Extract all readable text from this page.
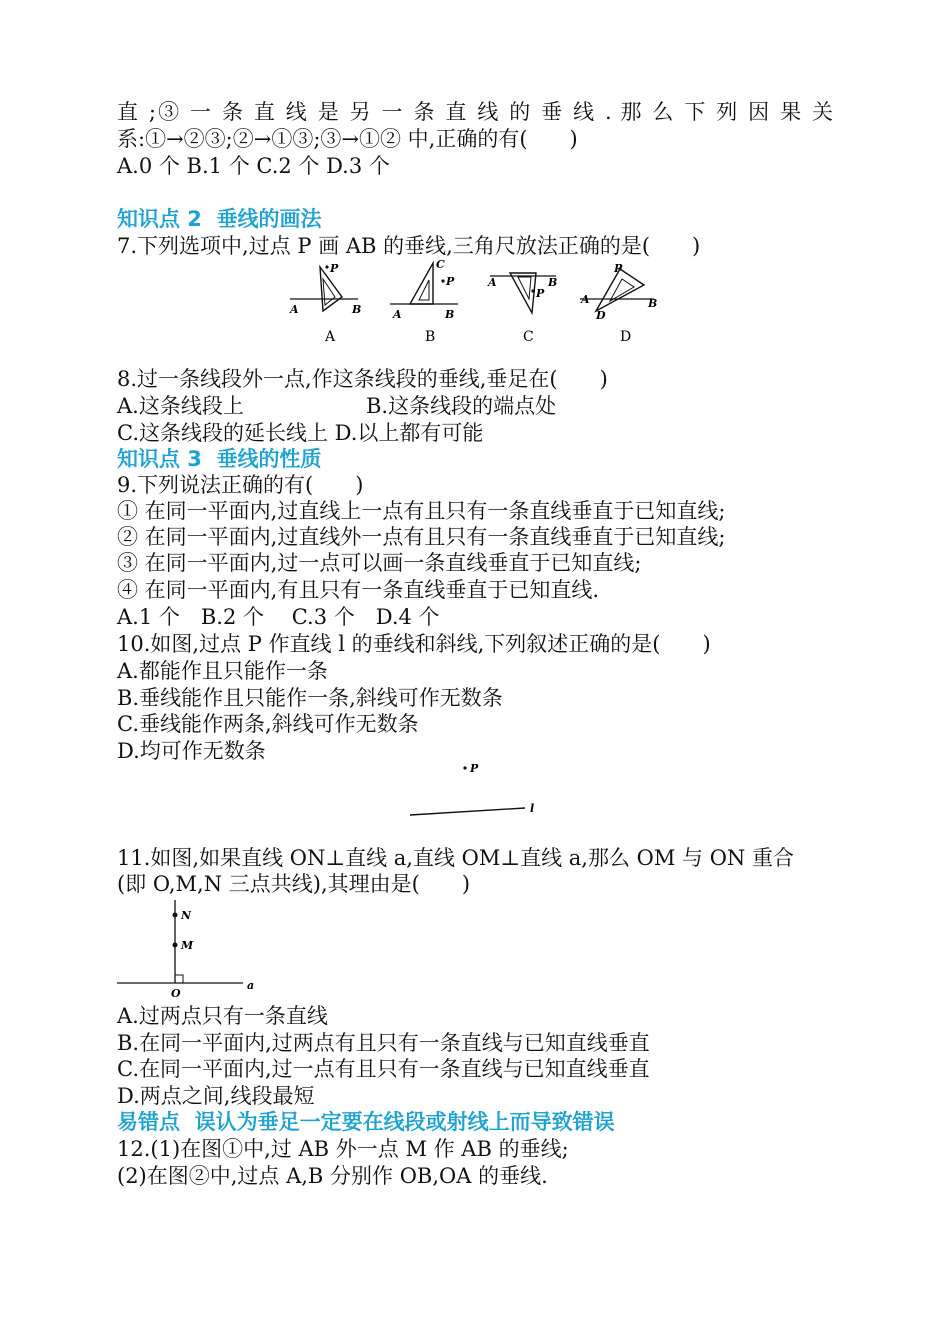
直 ;③ 一 条 直 线 是 另 一 条 直 线 的 垂 线 . 那 么 下 列 因 果 关
系:①→②③;②→①③;③→①② 中,正确的有(　　)
A.0 个 B.1 个 C.2 个 D.3 个
知识点 2  垂线的画法
7.下列选项中,过点 P 画 AB 的垂线,三角尺放法正确的是(　　)
P
A	B
A
P
C
A	B
B
P
A	B
C
P
A	B
D
D
8.过一条线段外一点,作这条线段的垂线,垂足在(　　)
A.这条线段上	B.这条线段的端点处
C.这条线段的延长线上 D.以上都有可能
知识点 3  垂线的性质
9.下列说法正确的有(　　)
① 在同一平面内,过直线上一点有且只有一条直线垂直于已知直线;
② 在同一平面内,过直线外一点有且只有一条直线垂直于已知直线;
③ 在同一平面内,过一点可以画一条直线垂直于已知直线;
④ 在同一平面内,有且只有一条直线垂直于已知直线.
A.1 个　B.2 个　 C.3 个　D.4 个
10.如图,过点 P 作直线 l 的垂线和斜线,下列叙述正确的是(　　)
A.都能作且只能作一条
B.垂线能作且只能作一条,斜线可作无数条
C.垂线能作两条,斜线可作无数条
D.均可作无数条
P
l
11.如图,如果直线 ON⊥直线 a,直线 OM⊥直线 a,那么 OM 与 ON 重合
(即 O,M,N 三点共线),其理由是(　　)
N
M
O
a
A.过两点只有一条直线
B.在同一平面内,过两点有且只有一条直线与已知直线垂直
C.在同一平面内,过一点有且只有一条直线与已知直线垂直
D.两点之间,线段最短
易错点  误认为垂足一定要在线段或射线上而导致错误
12.(1)在图①中,过 AB 外一点 M 作 AB 的垂线;
(2)在图②中,过点 A,B 分别作 OB,OA 的垂线.
